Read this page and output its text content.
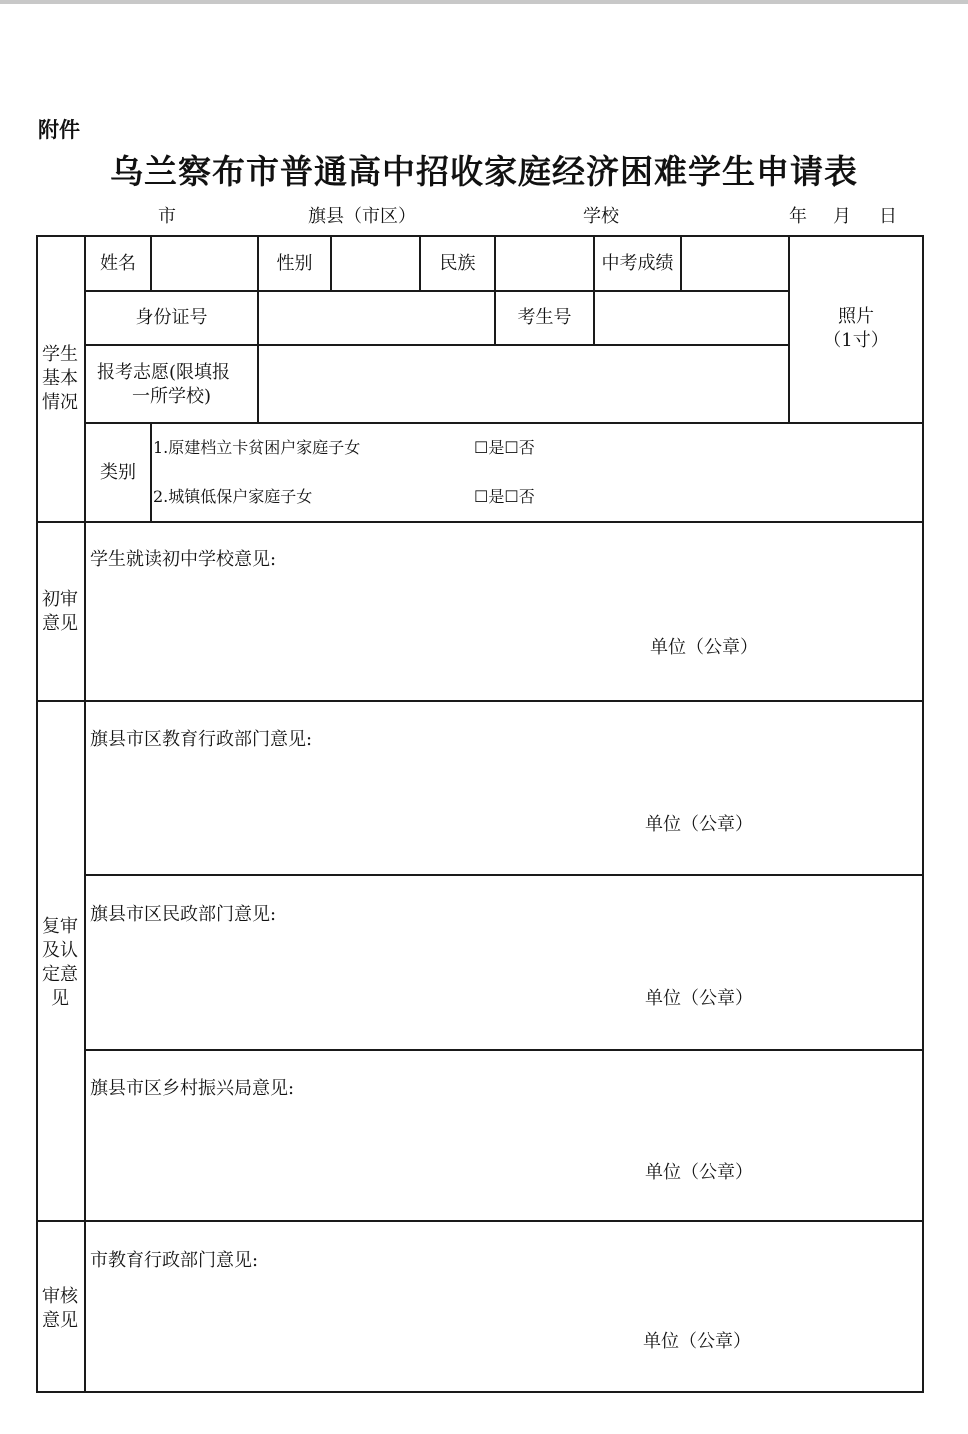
附件
乌兰察布市普通高中招收家庭经济困难学生申请表
市	旗县（市区）	学校	年 月 日
学生基本情况
姓名	性别	民族	中考成绩
身份证号	考生号
报考志愿(限填报
一所学校)
照片
（1寸）
类别
1.原建档立卡贫困户家庭子女	☐是☐否
2.城镇低保户家庭子女	☐是☐否
初审意见
学生就读初中学校意见:
单位（公章）
复审及认定意见
旗县市区教育行政部门意见:
单位（公章）
旗县市区民政部门意见:
单位（公章）
旗县市区乡村振兴局意见:
单位（公章）
审核意见
市教育行政部门意见:
单位（公章）
